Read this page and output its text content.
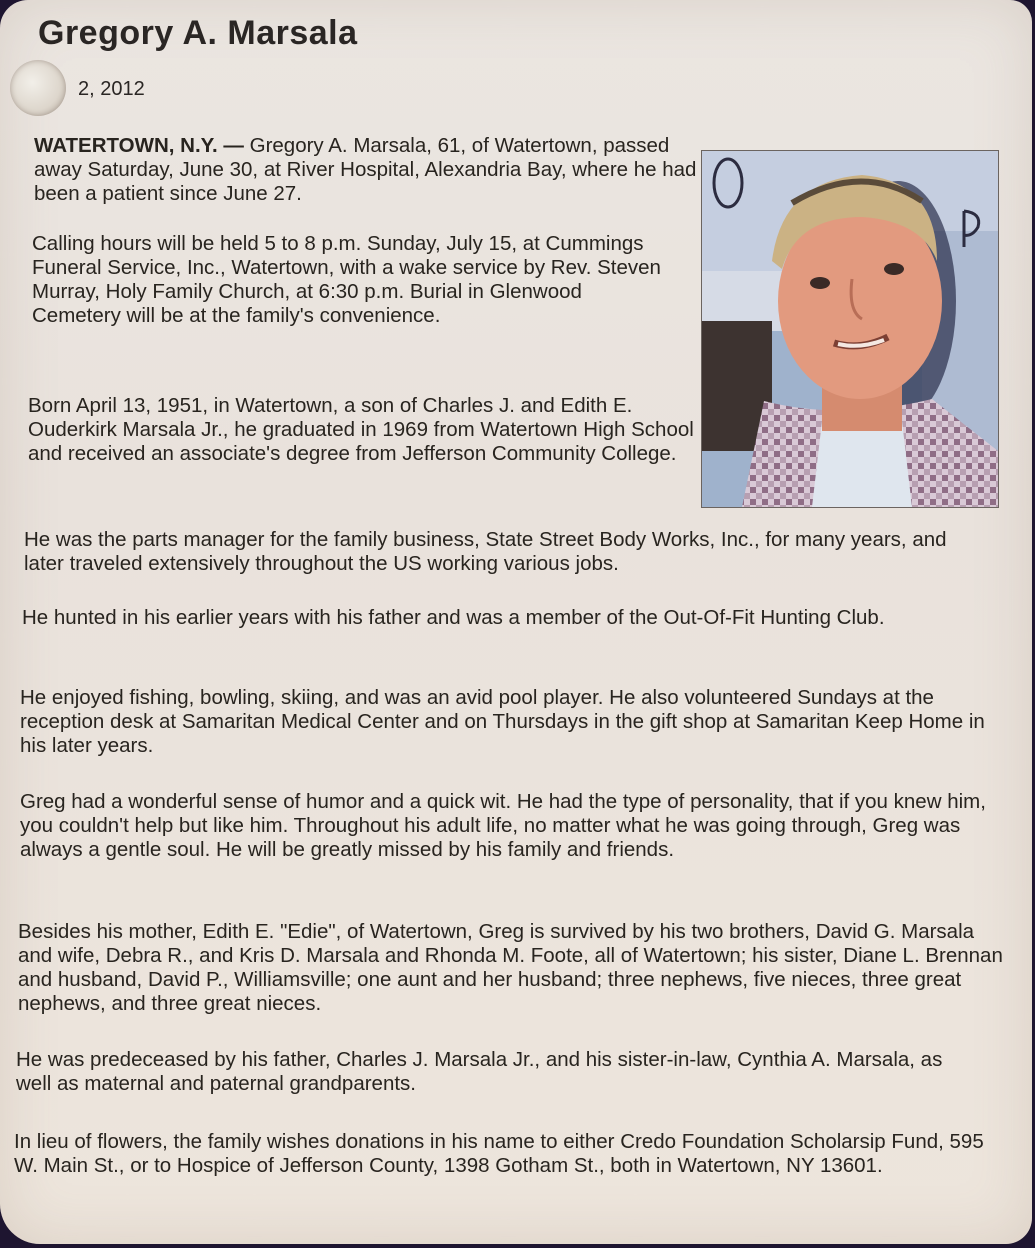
Gregory A. Marsala
2, 2012

WATERTOWN, N.Y. — Gregory A. Marsala, 61, of Watertown, passed away Saturday, June 30, at River Hospital, Alexandria Bay, where he had been a patient since June 27.

Calling hours will be held 5 to 8 p.m. Sunday, July 15, at Cummings Funeral Service, Inc., Watertown, with a wake service by Rev. Steven Murray, Holy Family Church, at 6:30 p.m. Burial in Glenwood Cemetery will be at the family's convenience.

Born April 13, 1951, in Watertown, a son of Charles J. and Edith E. Ouderkirk Marsala Jr., he graduated in 1969 from Watertown High School and received an associate's degree from Jefferson Community College.

He was the parts manager for the family business, State Street Body Works, Inc., for many years, and later traveled extensively throughout the US working various jobs.

He hunted in his earlier years with his father and was a member of the Out-Of-Fit Hunting Club.

He enjoyed fishing, bowling, skiing, and was an avid pool player. He also volunteered Sundays at the reception desk at Samaritan Medical Center and on Thursdays in the gift shop at Samaritan Keep Home in his later years.

Greg had a wonderful sense of humor and a quick wit. He had the type of personality, that if you knew him, you couldn't help but like him. Throughout his adult life, no matter what he was going through, Greg was always a gentle soul. He will be greatly missed by his family and friends.

Besides his mother, Edith E. "Edie", of Watertown, Greg is survived by his two brothers, David G. Marsala and wife, Debra R., and Kris D. Marsala and Rhonda M. Foote, all of Watertown; his sister, Diane L. Brennan and husband, David P., Williamsville; one aunt and her husband; three nephews, five nieces, three great nephews, and three great nieces.

He was predeceased by his father, Charles J. Marsala Jr., and his sister-in-law, Cynthia A. Marsala, as well as maternal and paternal grandparents.

In lieu of flowers, the family wishes donations in his name to either Credo Foundation Scholarsip Fund, 595 W. Main St., or to Hospice of Jefferson County, 1398 Gotham St., both in Watertown, NY 13601.
